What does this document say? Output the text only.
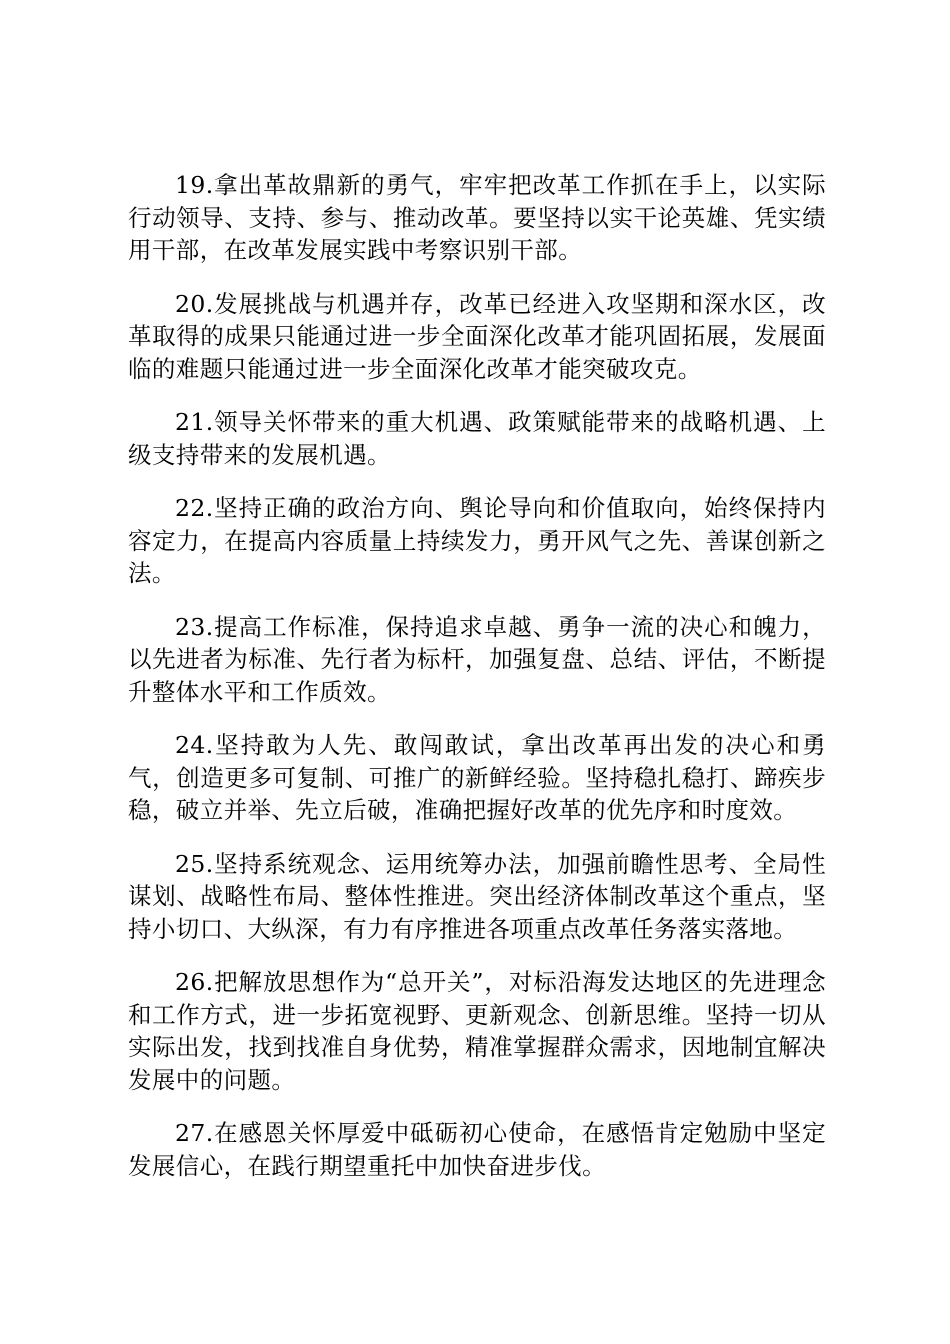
19.拿出革故鼎新的勇气，牢牢把改革工作抓在手上，以实际行动领导、支持、参与、推动改革。要坚持以实干论英雄、凭实绩用干部，在改革发展实践中考察识别干部。

20.发展挑战与机遇并存，改革已经进入攻坚期和深水区，改革取得的成果只能通过进一步全面深化改革才能巩固拓展，发展面临的难题只能通过进一步全面深化改革才能突破攻克。

21.领导关怀带来的重大机遇、政策赋能带来的战略机遇、上级支持带来的发展机遇。

22.坚持正确的政治方向、舆论导向和价值取向，始终保持内容定力，在提高内容质量上持续发力，勇开风气之先、善谋创新之法。

23.提高工作标准，保持追求卓越、勇争一流的决心和魄力，以先进者为标准、先行者为标杆，加强复盘、总结、评估，不断提升整体水平和工作质效。

24.坚持敢为人先、敢闯敢试，拿出改革再出发的决心和勇气，创造更多可复制、可推广的新鲜经验。坚持稳扎稳打、蹄疾步稳，破立并举、先立后破，准确把握好改革的优先序和时度效。

25.坚持系统观念、运用统筹办法，加强前瞻性思考、全局性谋划、战略性布局、整体性推进。突出经济体制改革这个重点，坚持小切口、大纵深，有力有序推进各项重点改革任务落实落地。

26.把解放思想作为“总开关”，对标沿海发达地区的先进理念和工作方式，进一步拓宽视野、更新观念、创新思维。坚持一切从实际出发，找到找准自身优势，精准掌握群众需求，因地制宜解决发展中的问题。

27.在感恩关怀厚爱中砥砺初心使命，在感悟肯定勉励中坚定发展信心，在践行期望重托中加快奋进步伐。
